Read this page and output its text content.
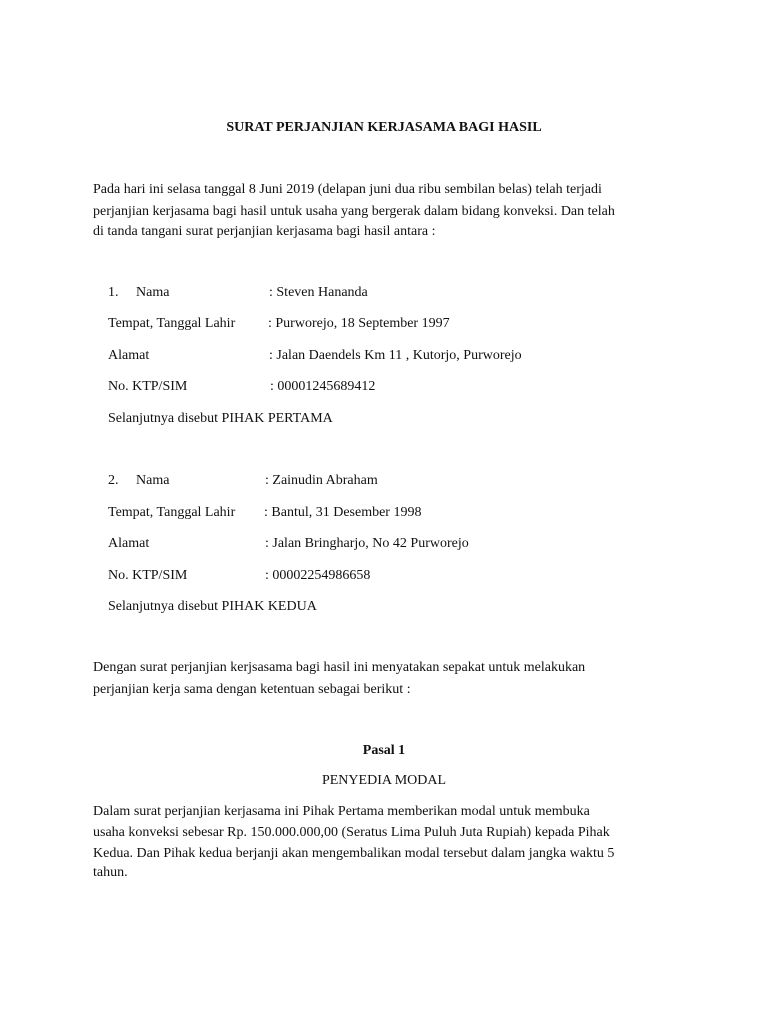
SURAT PERJANJIAN KERJASAMA BAGI HASIL
Pada hari ini selasa tanggal 8 Juni 2019 (delapan juni dua ribu sembilan belas) telah terjadi
perjanjian kerjasama bagi hasil untuk usaha yang bergerak dalam bidang konveksi. Dan telah
di tanda tangani surat perjanjian kerjasama bagi hasil antara :
1. Nama	: Steven Hananda
Tempat, Tanggal Lahir : Purworejo, 18 September 1997
Alamat	: Jalan Daendels Km 11 , Kutorjo, Purworejo
No. KTP/SIM	: 00001245689412
Selanjutnya disebut PIHAK PERTAMA
2. Nama	: Zainudin Abraham
Tempat, Tanggal Lahir : Bantul, 31 Desember 1998
Alamat	: Jalan Bringharjo, No 42 Purworejo
No. KTP/SIM	: 00002254986658
Selanjutnya disebut PIHAK KEDUA
Dengan surat perjanjian kerjsasama bagi hasil ini menyatakan sepakat untuk melakukan
perjanjian kerja sama dengan ketentuan sebagai berikut :
Pasal 1
PENYEDIA MODAL
Dalam surat perjanjian kerjasama ini Pihak Pertama memberikan modal untuk membuka
usaha konveksi sebesar Rp. 150.000.000,00 (Seratus Lima Puluh Juta Rupiah) kepada Pihak
Kedua. Dan Pihak kedua berjanji akan mengembalikan modal tersebut dalam jangka waktu 5
tahun.
